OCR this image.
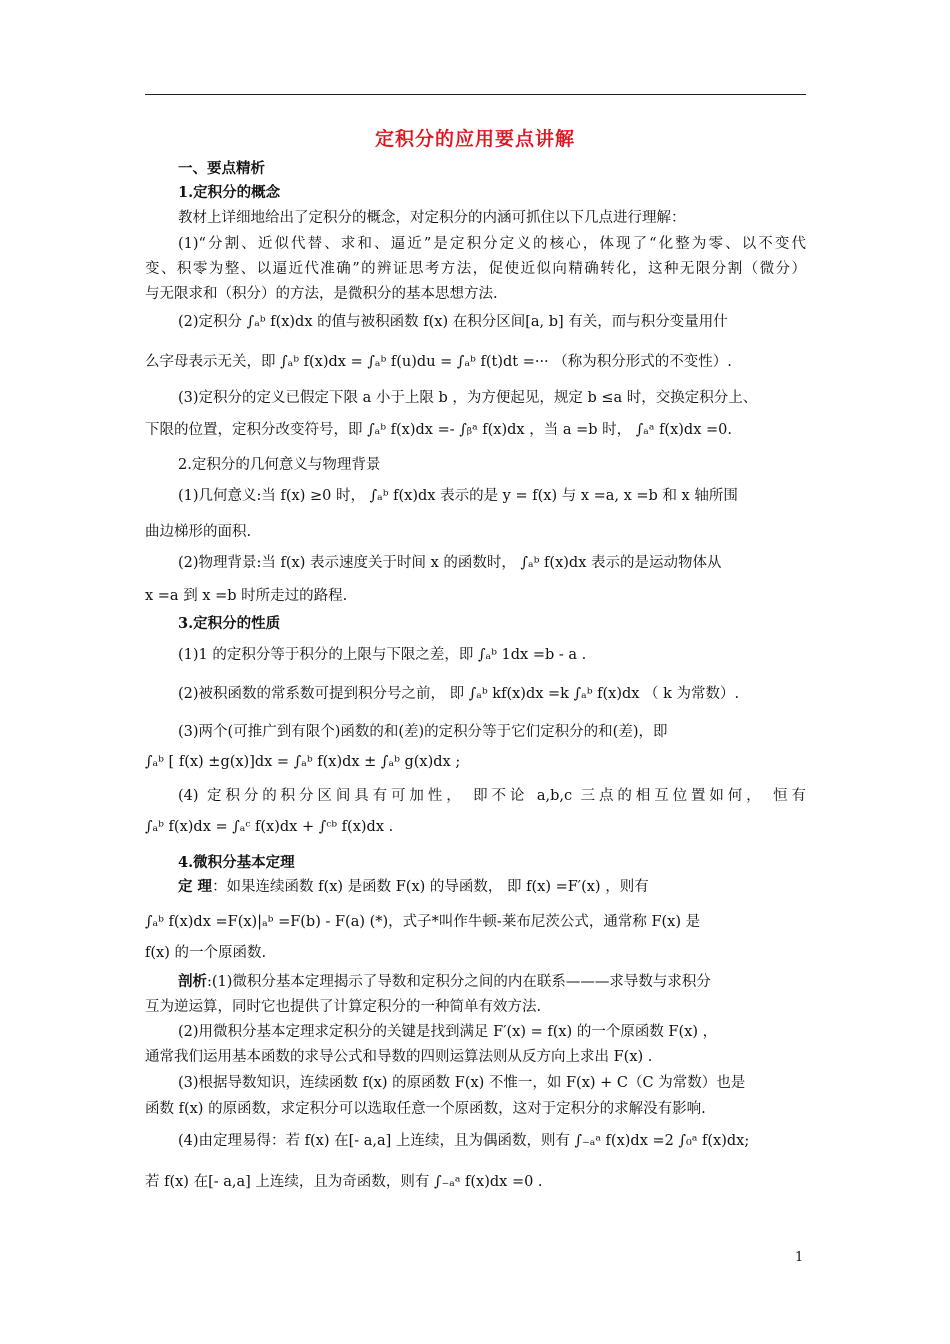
定积分的应用要点讲解
一、要点精析
1.定积分的概念
教材上详细地给出了定积分的概念，对定积分的内涵可抓住以下几点进行理解：
(1)“分割、近似代替、求和、逼近”是定积分定义的核心，体现了“化整为零、以不变代
变、积零为整、以逼近代准确”的辨证思考方法，促使近似向精确转化，这种无限分割（微分）
与无限求和（积分）的方法，是微积分的基本思想方法.
(2)定积分 ∫ₐᵇ f(x)dx 的值与被积函数 f(x) 在积分区间[a, b] 有关，而与积分变量用什
么字母表示无关，即 ∫ₐᵇ f(x)dx = ∫ₐᵇ f(u)du = ∫ₐᵇ f(t)dt =··· （称为积分形式的不变性）.
(3)定积分的定义已假定下限 a 小于上限 b ，为方便起见，规定 b ≤a 时，交换定积分上、
下限的位置，定积分改变符号，即 ∫ₐᵇ f(x)dx =- ∫ᵦᵃ f(x)dx ，当 a =b 时， ∫ₐᵃ f(x)dx =0.
2.定积分的几何意义与物理背景
(1)几何意义:当 f(x) ≥0 时， ∫ₐᵇ f(x)dx 表示的是 y = f(x) 与 x =a, x =b 和 x 轴所围
曲边梯形的面积.
(2)物理背景:当 f(x) 表示速度关于时间 x 的函数时， ∫ₐᵇ f(x)dx 表示的是运动物体从
x =a 到 x =b 时所走过的路程.
3.定积分的性质
(1)1 的定积分等于积分的上限与下限之差，即 ∫ₐᵇ 1dx =b - a .
(2)被积函数的常系数可提到积分号之前， 即 ∫ₐᵇ kf(x)dx =k ∫ₐᵇ f(x)dx （ k 为常数）.
(3)两个(可推广到有限个)函数的和(差)的定积分等于它们定积分的和(差)，即
∫ₐᵇ [ f(x) ±g(x)]dx = ∫ₐᵇ f(x)dx ± ∫ₐᵇ g(x)dx ;
(4) 定积分的积分区间具有可加性， 即不论 a,b,c 三点的相互位置如何， 恒有
∫ₐᵇ f(x)dx = ∫ₐᶜ f(x)dx + ∫ᶜᵇ f(x)dx .
4.微积分基本定理
定 理：如果连续函数 f(x) 是函数 F(x) 的导函数， 即 f(x) =F′(x) ，则有
∫ₐᵇ f(x)dx =F(x)|ₐᵇ =F(b) - F(a) (*)，式子*叫作牛顿-莱布尼茨公式，通常称 F(x) 是
f(x) 的一个原函数.
剖析:(1)微积分基本定理揭示了导数和定积分之间的内在联系———求导数与求积分
互为逆运算，同时它也提供了计算定积分的一种简单有效方法.
(2)用微积分基本定理求定积分的关键是找到满足 F′(x) = f(x) 的一个原函数 F(x) ，
通常我们运用基本函数的求导公式和导数的四则运算法则从反方向上求出 F(x) .
(3)根据导数知识，连续函数 f(x) 的原函数 F(x) 不惟一，如 F(x) + C（C 为常数）也是
函数 f(x) 的原函数，求定积分可以选取任意一个原函数，这对于定积分的求解没有影响.
(4)由定理易得：若 f(x) 在[- a,a] 上连续，且为偶函数，则有 ∫₋ₐᵃ f(x)dx =2 ∫₀ᵃ f(x)dx;
若 f(x) 在[- a,a] 上连续，且为奇函数，则有 ∫₋ₐᵃ f(x)dx =0 .
1
